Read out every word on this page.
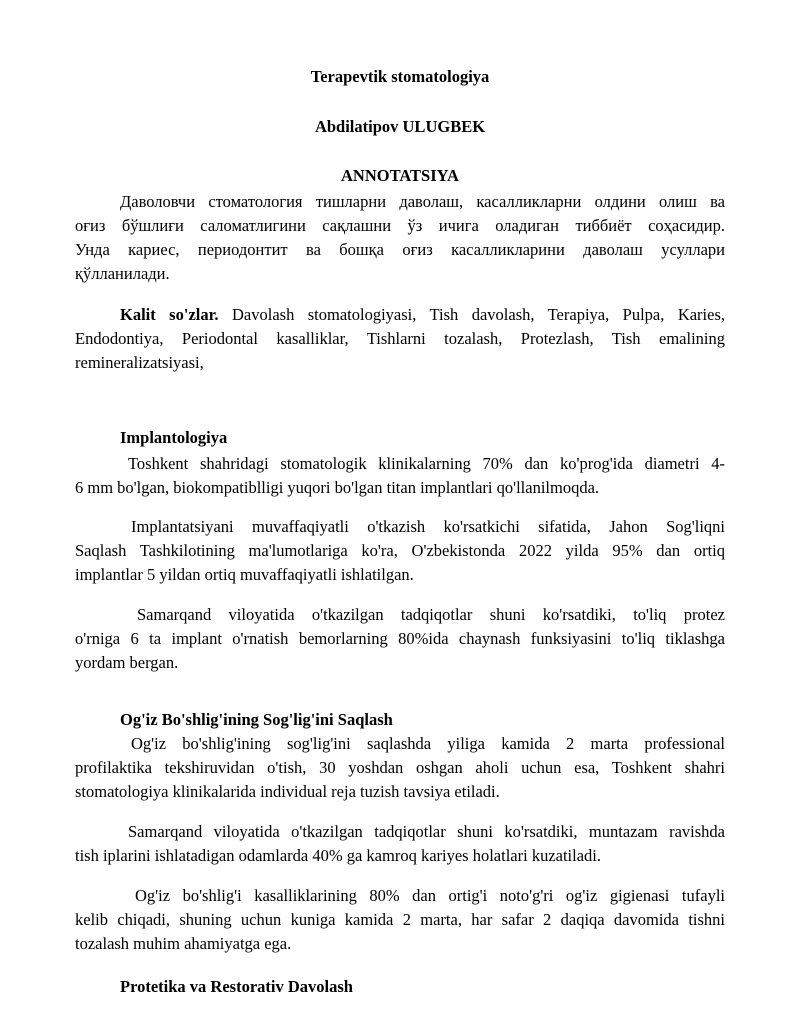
Terapevtik stomatologiya
Abdilatipov ULUGBEK
ANNOTATSIYA
Даволовчи стоматология тишларни даволаш, касалликларни олдини олиш ва
оғиз бўшлиғи саломатлигини сақлашни ўз ичига оладиган тиббиёт соҳасидир.
Унда кариес, периодонтит ва бошқа оғиз касалликларини даволаш усуллари
қўлланилади.
Kalit so'zlar. Davolash stomatologiyasi, Tish davolash, Terapiya, Pulpa, Karies,
Endodontiya, Periodontal kasalliklar, Tishlarni tozalash, Protezlash, Tish emalining
remineralizatsiyasi,
Implantologiya
Toshkent shahridagi stomatologik klinikalarning 70% dan ko'prog'ida diametri 4-
6 mm bo'lgan, biokompatiblligi yuqori bo'lgan titan implantlari qo'llanilmoqda.
Implantatsiyani muvaffaqiyatli o'tkazish ko'rsatkichi sifatida, Jahon Sog'liqni
Saqlash Tashkilotining ma'lumotlariga ko'ra, O'zbekistonda 2022 yilda 95% dan ortiq
implantlar 5 yildan ortiq muvaffaqiyatli ishlatilgan.
Samarqand viloyatida o'tkazilgan tadqiqotlar shuni ko'rsatdiki, to'liq protez
o'rniga 6 ta implant o'rnatish bemorlarning 80%ida chaynash funksiyasini to'liq tiklashga
yordam bergan.
Og'iz Bo'shlig'ining Sog'lig'ini Saqlash
Og'iz bo'shlig'ining sog'lig'ini saqlashda yiliga kamida 2 marta professional
profilaktika tekshiruvidan o'tish, 30 yoshdan oshgan aholi uchun esa, Toshkent shahri
stomatologiya klinikalarida individual reja tuzish tavsiya etiladi.
Samarqand viloyatida o'tkazilgan tadqiqotlar shuni ko'rsatdiki, muntazam ravishda
tish iplarini ishlatadigan odamlarda 40% ga kamroq kariyes holatlari kuzatiladi.
Og'iz bo'shlig'i kasalliklarining 80% dan ortig'i noto'g'ri og'iz gigienasi tufayli
kelib chiqadi, shuning uchun kuniga kamida 2 marta, har safar 2 daqiqa davomida tishni
tozalash muhim ahamiyatga ega.
Protetika va Restorativ Davolash
